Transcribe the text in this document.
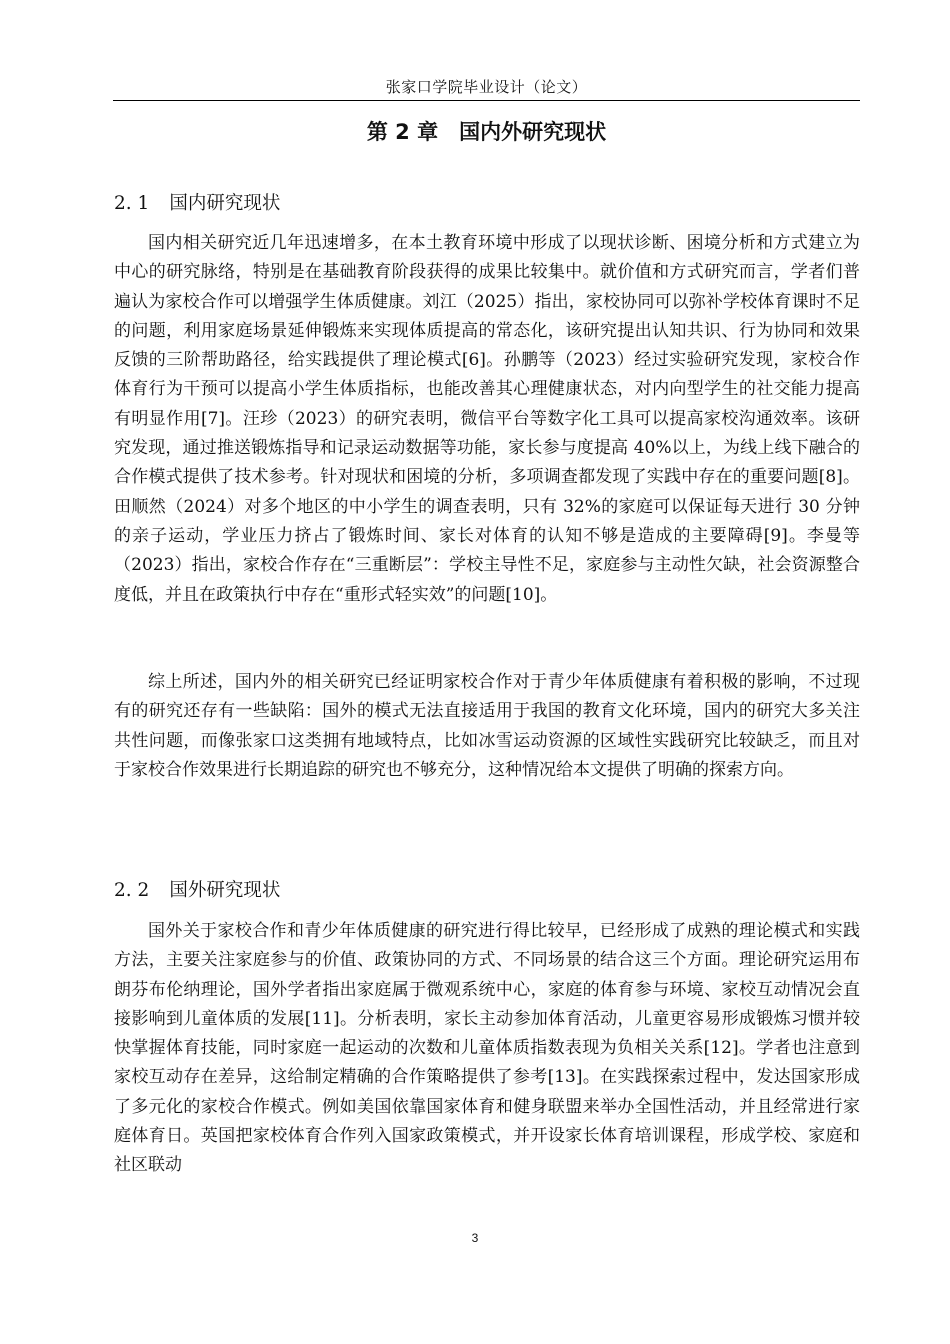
张家口学院毕业设计（论文）
第 2 章　国内外研究现状
2. 1 国内研究现状

国内相关研究近几年迅速增多，在本土教育环境中形成了以现状诊断、困境分析和方式建立为中心的研究脉络，特别是在基础教育阶段获得的成果比较集中。就价值和方式研究而言，学者们普遍认为家校合作可以增强学生体质健康。刘江（2025）指出，家校协同可以弥补学校体育课时不足的问题，利用家庭场景延伸锻炼来实现体质提高的常态化，该研究提出认知共识、行为协同和效果反馈的三阶帮助路径，给实践提供了理论模式[6]。孙鹏等（2023）经过实验研究发现，家校合作体育行为干预可以提高小学生体质指标，也能改善其心理健康状态，对内向型学生的社交能力提高有明显作用[7]。汪珍（2023）的研究表明，微信平台等数字化工具可以提高家校沟通效率。该研究发现，通过推送锻炼指导和记录运动数据等功能，家长参与度提高 40%以上，为线上线下融合的合作模式提供了技术参考。针对现状和困境的分析，多项调查都发现了实践中存在的重要问题[8]。田顺然（2024）对多个地区的中小学生的调查表明，只有 32%的家庭可以保证每天进行 30 分钟的亲子运动，学业压力挤占了锻炼时间、家长对体育的认知不够是造成的主要障碍[9]。李曼等（2023）指出，家校合作存在“三重断层”：学校主导性不足，家庭参与主动性欠缺，社会资源整合度低，并且在政策执行中存在“重形式轻实效”的问题[10]。

综上所述，国内外的相关研究已经证明家校合作对于青少年体质健康有着积极的影响，不过现有的研究还存有一些缺陷：国外的模式无法直接适用于我国的教育文化环境，国内的研究大多关注共性问题，而像张家口这类拥有地域特点，比如冰雪运动资源的区域性实践研究比较缺乏，而且对于家校合作效果进行长期追踪的研究也不够充分，这种情况给本文提供了明确的探索方向。

2. 2 国外研究现状

国外关于家校合作和青少年体质健康的研究进行得比较早，已经形成了成熟的理论模式和实践方法，主要关注家庭参与的价值、政策协同的方式、不同场景的结合这三个方面。理论研究运用布朗芬布伦纳理论，国外学者指出家庭属于微观系统中心，家庭的体育参与环境、家校互动情况会直接影响到儿童体质的发展[11]。分析表明，家长主动参加体育活动，儿童更容易形成锻炼习惯并较快掌握体育技能，同时家庭一起运动的次数和儿童体质指数表现为负相关关系[12]。学者也注意到家校互动存在差异，这给制定精确的合作策略提供了参考[13]。在实践探索过程中，发达国家形成了多元化的家校合作模式。例如美国依靠国家体育和健身联盟来举办全国性活动，并且经常进行家庭体育日。英国把家校体育合作列入国家政策模式，并开设家长体育培训课程，形成学校、家庭和社区联动

3
